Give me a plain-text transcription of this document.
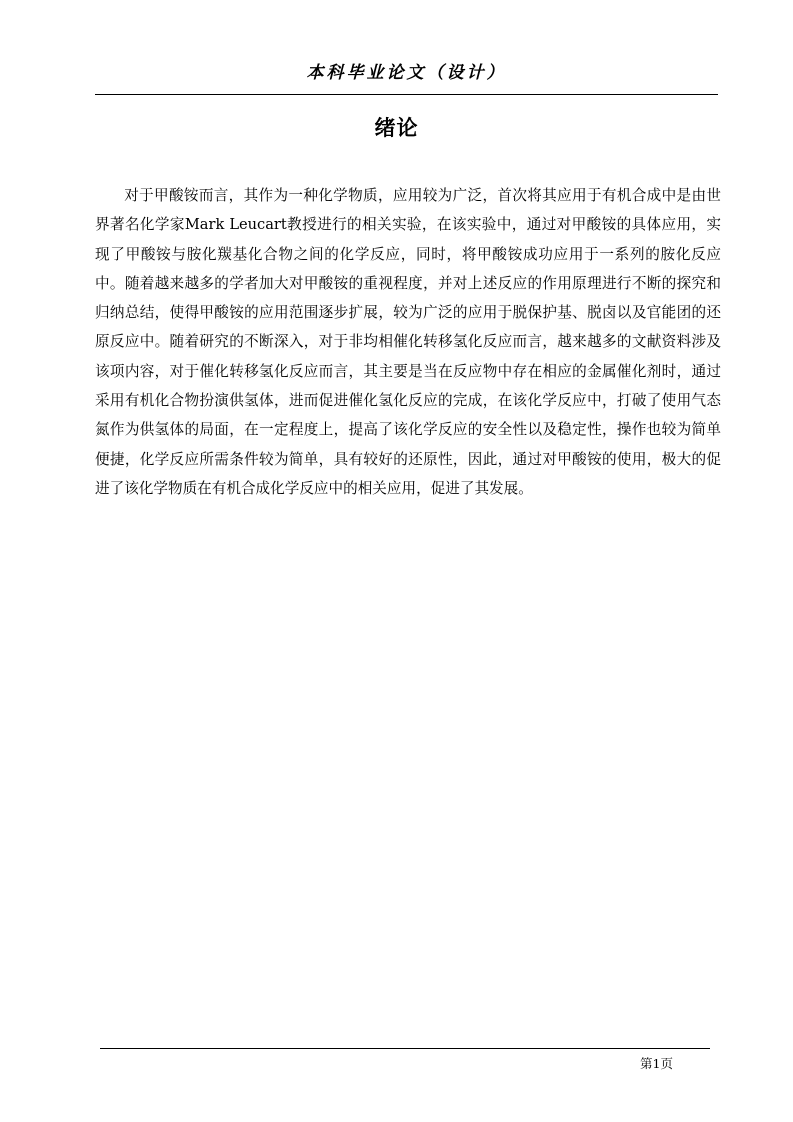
本科毕业论文（设计）
绪论

对于甲酸铵而言，其作为一种化学物质，应用较为广泛，首次将其应用于有机合成中是由世界著名化学家Mark Leucart教授进行的相关实验，在该实验中，通过对甲酸铵的具体应用，实现了甲酸铵与胺化羰基化合物之间的化学反应，同时，将甲酸铵成功应用于一系列的胺化反应中。随着越来越多的学者加大对甲酸铵的重视程度，并对上述反应的作用原理进行不断的探究和归纳总结，使得甲酸铵的应用范围逐步扩展，较为广泛的应用于脱保护基、脱卤以及官能团的还原反应中。随着研究的不断深入，对于非均相催化转移氢化反应而言，越来越多的文献资料涉及该项内容，对于催化转移氢化反应而言，其主要是当在反应物中存在相应的金属催化剂时，通过采用有机化合物扮演供氢体，进而促进催化氢化反应的完成，在该化学反应中，打破了使用气态氮作为供氢体的局面，在一定程度上，提高了该化学反应的安全性以及稳定性，操作也较为简单便捷，化学反应所需条件较为简单，具有较好的还原性，因此，通过对甲酸铵的使用，极大的促进了该化学物质在有机合成化学反应中的相关应用，促进了其发展。

第1页
